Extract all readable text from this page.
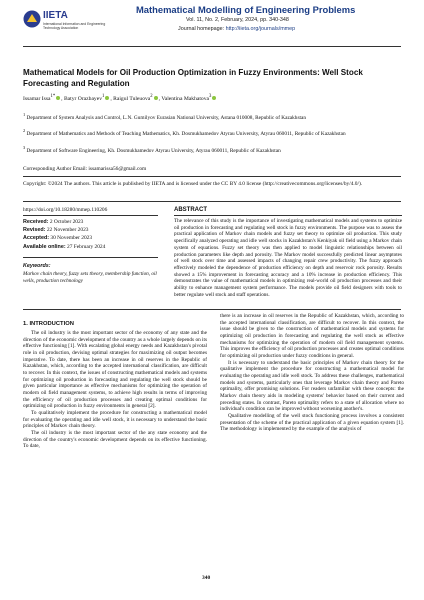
IIETA
International Information and Engineering Technology Association
Mathematical Modelling of Engineering Problems
Vol. 11, No. 2, February, 2024, pp. 340-348
Journal homepage: http://iieta.org/journals/mmep
Mathematical Models for Oil Production Optimization in Fuzzy Environments: Well Stock Forecasting and Regulation
Issamar Issa$^{1*}$ , Batyr Orazbayev$^1$ , Raigul Tuleuova$^2$ , Valentina Makhatova$^3$
$^1$ Department of System Analysis and Control, L.N. Gumilyov Eurasian National University, Astana 010008, Republic of Kazakhstan
$^2$ Department of Mathematics and Methods of Teaching Mathematics, Kh. Dosmukhamedov Atyrau University, Atyrau 060011, Republic of Kazakhstan
$^3$ Department of Software Engineering, Kh. Dosmukhamedov Atyrau University, Atyrau 060011, Republic of Kazakhstan
Corresponding Author Email: issamarissa56@gmail.com
Copyright: ©2024 The authors. This article is published by IIETA and is licensed under the CC BY 4.0 license (http://creativecommons.org/licenses/by/4.0/).
https://doi.org/10.18280/mmep.110206	ABSTRACT
Received: 2 October 2023
Revised: 22 November 2023
Accepted: 30 November 2023
Available online: 27 February 2024
Keywords:
Markov chain theory, fuzzy sets theory, membership function, oil wells, production technology
The relevance of this study is the importance of investigating mathematical models and systems to optimize oil production in forecasting and regulating well stock in fuzzy environments. The purpose was to assess the practical application of Markov chain models and fuzzy set theory to optimize oil production. This study specifically analyzed operating and idle well stocks in Kazakhstan's Kenkiyak oil field using a Markov chain system of equations. Fuzzy set theory was then applied to model linguistic relationships between oil production parameters like depth and porosity. The Markov model successfully predicted linear asymptotes of well stock over time and assessed impacts of changing repair crew productivity. The fuzzy approach effectively modeled the dependence of production efficiency on depth and reservoir rock porosity. Results showed a 15% improvement in forecasting accuracy and a 10% increase in production efficiency. This demonstrates the value of mathematical models in optimizing real-world oil production processes and their ability to enhance management system performance. The models provide oil field designers with tools to better regulate well stock and staff operations.
1. INTRODUCTION

The oil industry is the most important sector of the economy of any state and the direction of the economic development of the country as a whole largely depends on its effective functioning [1]. With escalating global energy needs and Kazakhstan's pivotal role in oil production, devising optimal strategies for maximizing oil output becomes imperative. To date, there has been an increase in oil reserves in the Republic of Kazakhstan, which, according to the accepted international classification, are difficult to recover. In this context, the issues of constructing mathematical models and systems for optimizing oil production in forecasting and regulating the well stock should be given particular importance as effective mechanisms for optimizing the operation of modern oil field management systems, to achieve high results in terms of improving the efficiency of oil production processes and creating optimal conditions for optimizing oil production in fuzzy environments in general [2].

To qualitatively implement the procedure for constructing a mathematical model for evaluating the operating and idle well stock, it is necessary to understand the basic principles of Markov chain theory.

The oil industry is the most important sector of the any state economy and the direction of the country's economic development depends on its effective functioning. To date,

there is an increase in oil reserves in the Republic of Kazakhstan, which, according to the accepted international classification, are difficult to recover. In this context, the issue should be given to the construction of mathematical models and systems for optimizing oil production in forecasting and regulating the well stock as effective mechanisms for optimizing the operation of modern oil field management systems. This improves the efficiency of oil production processes and creates optimal conditions for optimizing oil production under fuzzy conditions in general.

It is necessary to understand the basic principles of Markov chain theory for the qualitative implement the procedure for constructing a mathematical model for evaluating the operating and idle well stock. To address these challenges, mathematical models and systems, particularly ones that leverage Markov chain theory and Pareto optimality, offer promising solutions. For readers unfamiliar with these concepts: the Markov chain theory aids in modeling systems' behavior based on their current and preceding states. In contrast, Pareto optimality refers to a state of allocation where no individual's condition can be improved without worsening another's.

Qualitative modelling of the well stock functioning process involves a consistent presentation of the scheme of the practical application of a given equation system [1]. The methodology is implemented by the example of the analysis of

340
